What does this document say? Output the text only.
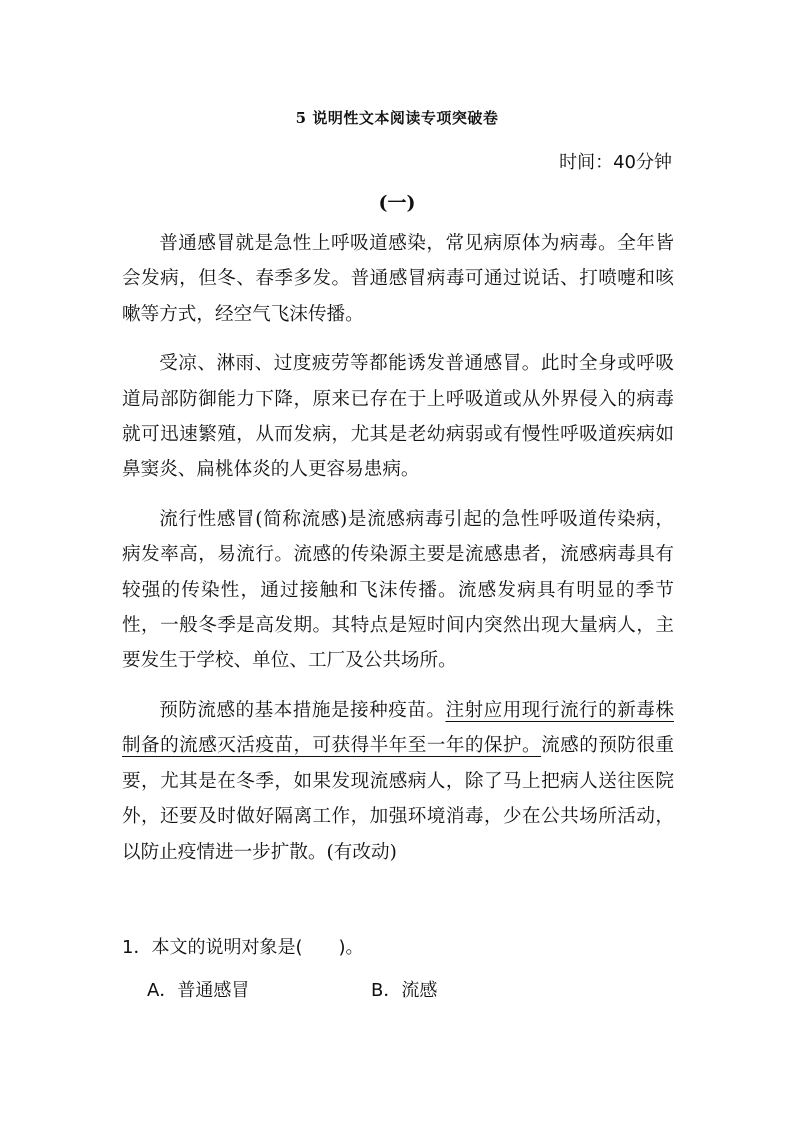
5 说明性文本阅读专项突破卷
时间：40分钟
(一)

普通感冒就是急性上呼吸道感染，常见病原体为病毒。全年皆会发病，但冬、春季多发。普通感冒病毒可通过说话、打喷嚏和咳嗽等方式，经空气飞沫传播。

受凉、淋雨、过度疲劳等都能诱发普通感冒。此时全身或呼吸道局部防御能力下降，原来已存在于上呼吸道或从外界侵入的病毒就可迅速繁殖，从而发病，尤其是老幼病弱或有慢性呼吸道疾病如鼻窦炎、扁桃体炎的人更容易患病。

流行性感冒(简称流感)是流感病毒引起的急性呼吸道传染病，病发率高，易流行。流感的传染源主要是流感患者，流感病毒具有较强的传染性，通过接触和飞沫传播。流感发病具有明显的季节性，一般冬季是高发期。其特点是短时间内突然出现大量病人，主要发生于学校、单位、工厂及公共场所。

预防流感的基本措施是接种疫苗。注射应用现行流行的新毒株制备的流感灭活疫苗，可获得半年至一年的保护。流感的预防很重要，尤其是在冬季，如果发现流感病人，除了马上把病人送往医院外，还要及时做好隔离工作，加强环境消毒，少在公共场所活动，以防止疫情进一步扩散。(有改动)

1．本文的说明对象是(　　)。
A．普通感冒	B．流感
